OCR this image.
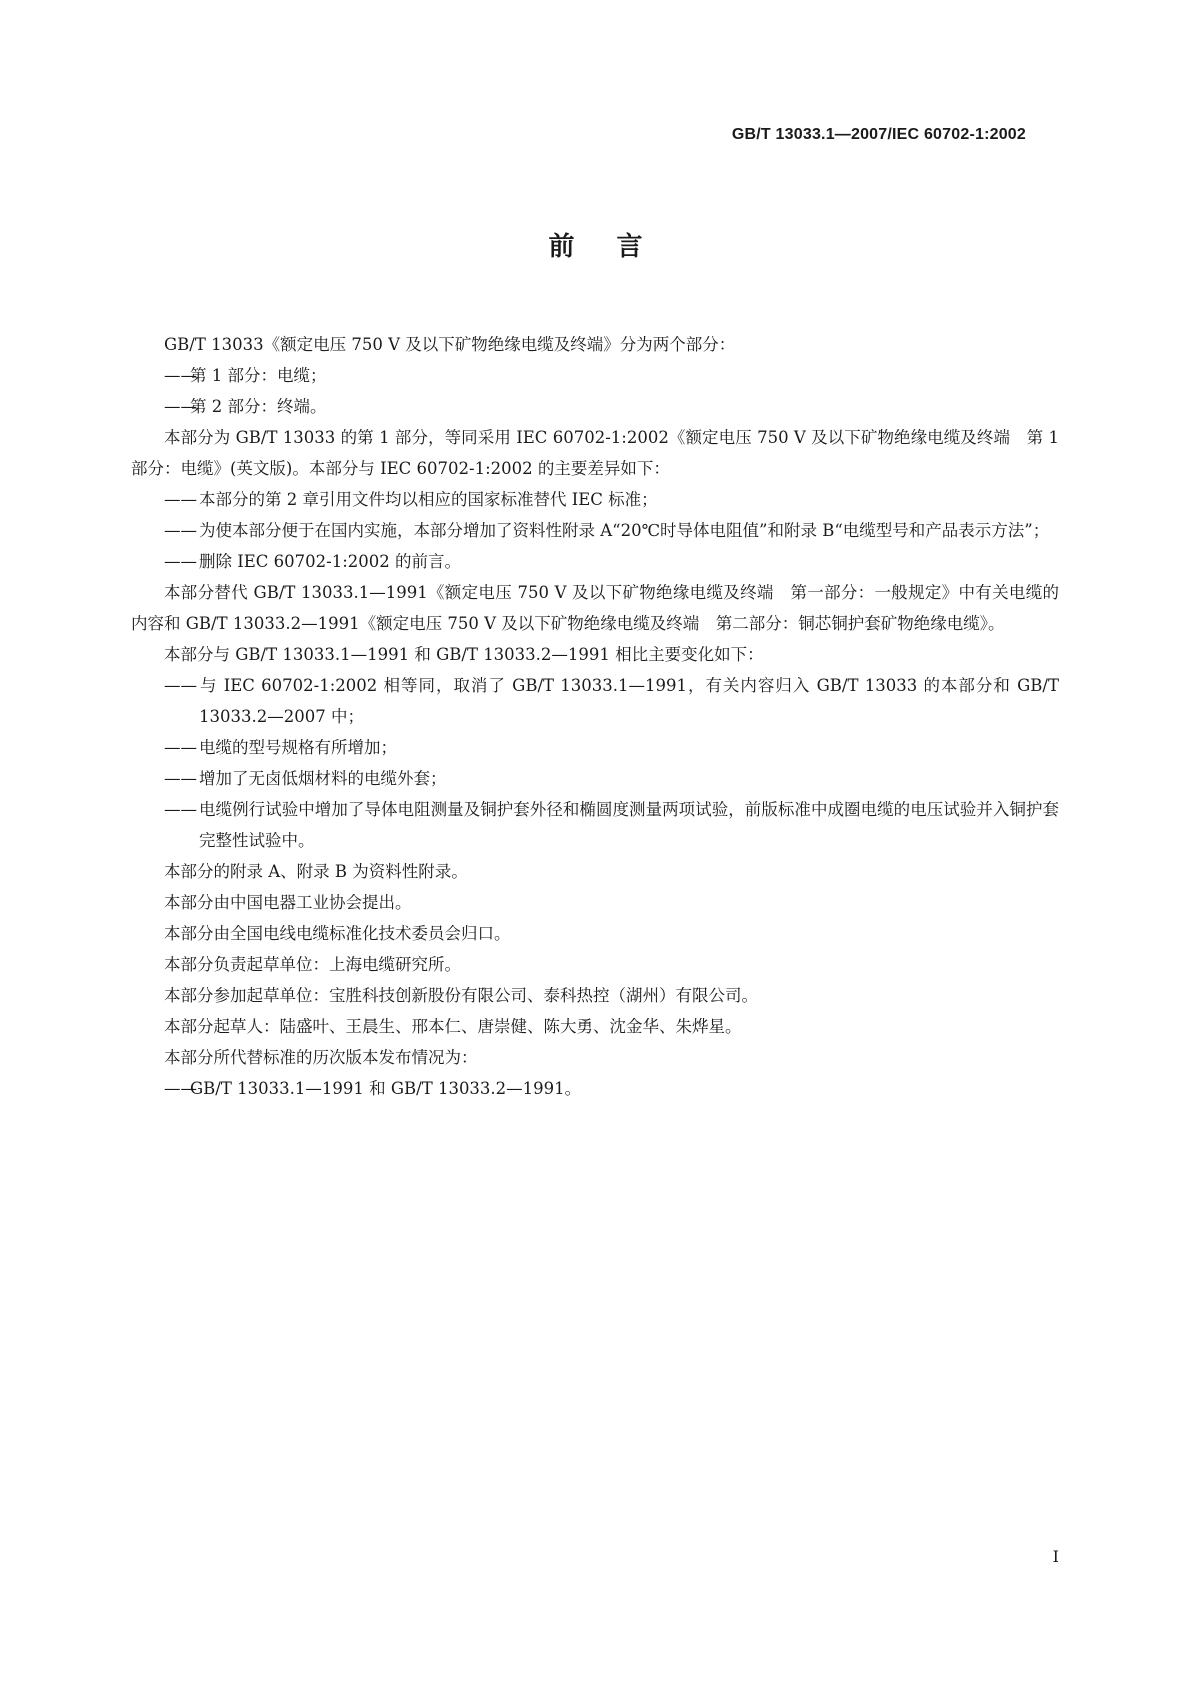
GB/T 13033.1—2007/IEC 60702-1:2002
前言

GB/T 13033《额定电压 750 V 及以下矿物绝缘电缆及终端》分为两个部分：

——第 1 部分：电缆；

——第 2 部分：终端。

本部分为 GB/T 13033 的第 1 部分，等同采用 IEC 60702-1:2002《额定电压 750 V 及以下矿物绝缘电缆及终端　第 1 部分：电缆》(英文版)。本部分与 IEC 60702-1:2002 的主要差异如下：

—— 本部分的第 2 章引用文件均以相应的国家标准替代 IEC 标准；

—— 为使本部分便于在国内实施，本部分增加了资料性附录 A“20℃时导体电阻值”和附录 B“电缆型号和产品表示方法”；

—— 删除 IEC 60702-1:2002 的前言。

本部分替代 GB/T 13033.1—1991《额定电压 750 V 及以下矿物绝缘电缆及终端　第一部分：一般规定》中有关电缆的内容和 GB/T 13033.2—1991《额定电压 750 V 及以下矿物绝缘电缆及终端　第二部分：铜芯铜护套矿物绝缘电缆》。

本部分与 GB/T 13033.1—1991 和 GB/T 13033.2—1991 相比主要变化如下：

—— 与 IEC 60702-1:2002 相等同，取消了 GB/T 13033.1—1991，有关内容归入 GB/T 13033 的本部分和 GB/T 13033.2—2007 中；

—— 电缆的型号规格有所增加；

—— 增加了无卤低烟材料的电缆外套；

—— 电缆例行试验中增加了导体电阻测量及铜护套外径和椭圆度测量两项试验，前版标准中成圈电缆的电压试验并入铜护套完整性试验中。

本部分的附录 A、附录 B 为资料性附录。

本部分由中国电器工业协会提出。

本部分由全国电线电缆标准化技术委员会归口。

本部分负责起草单位：上海电缆研究所。

本部分参加起草单位：宝胜科技创新股份有限公司、泰科热控（湖州）有限公司。

本部分起草人：陆盛叶、王晨生、邢本仁、唐崇健、陈大勇、沈金华、朱烨星。

本部分所代替标准的历次版本发布情况为：

——GB/T 13033.1—1991 和 GB/T 13033.2—1991。

I
